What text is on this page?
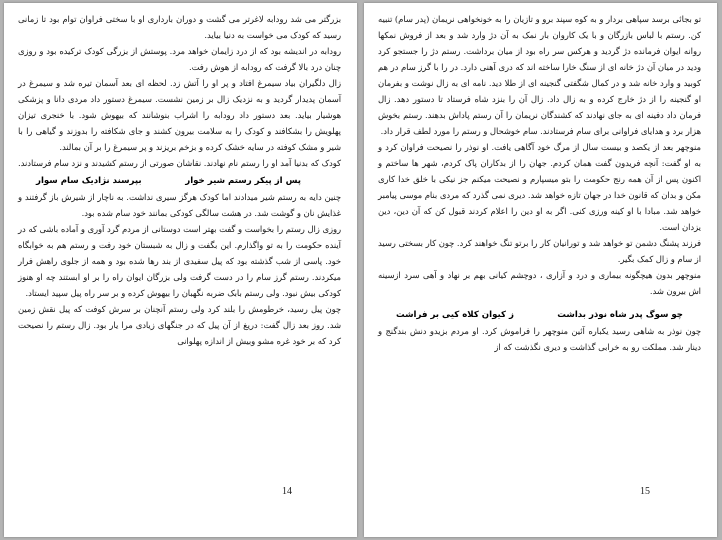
بزرگتر می شد رودابه لاغرتر می گشت و دوران بارداری او با سختی فراوان توام بود تا زمانی رسید که کودک می خواست به دنیا بیاید.

رودابه در اندیشه بود که از درد زایمان خواهد مرد. پوستش از بزرگی کودک ترکیده بود و روزی چنان درد بالا گرفت که رودابه از هوش رفت.

زال دلگیران بیاد سیمرغ افتاد و پر او را آتش زد. لحظه ای بعد آسمان تیره شد و سیمرغ در آسمان پدیدار گردید و به نزدیک زال بر زمین نشست. سیمرغ دستور داد مردی دانا و پزشکی هوشیار بیاید. بعد دستور داد رودابه را اشراب بنوشانند که بیهوش شود. با خنجری تیزان پهلویش را بشکافند و کودک را به سلامت بیرون کشند و جای شکافته را بدوزند و گیاهی را با شیر و مشک کوفته در سایه خشک کرده و بزخم بریزند و پر سیمرغ را بر آن بمالند.

کودک که بدنیا آمد او را رستم نام نهادند. نقاشان صورتی از رستم کشیدند و نزد سام فرستادند.

پس از پیکر رستم شیر خوار
بپرسند نژادیک سام سوار

چنین دایه به رستم شیر میدادند اما کودک هرگز سیری نداشت. به ناچار از شیرش باز گرفتند و غذایش نان و گوشت شد. در هشت سالگی کودکی بمانند خود سام شده بود.

روزی زال رستم را بخواست و گفت بهتر است دوستانی از مردم گرد آوری و آماده باشی که در آینده حکومت را به تو واگذارم. این بگفت و زال به شبستان خود رفت و رستم هم به خوابگاه خود. پاسی از شب گذشته بود که پیل سفیدی از بند رها شده بود و همه از جلوی راهش فرار میکردند. رستم گرز سام را در دست گرفت ولی بزرگان ایوان راه را بر او ابستند چه او هنوز کودکی بیش نبود. ولی رستم بابک ضربه نگهبان را بیهوش کرده و بر سر راه پیل سپید ایستاد.

چون پیل رسید، خرطومش را بلند کرد ولی رستم آنچنان بر سرش کوفت که پیل نقش زمین شد. روز بعد زال گفت: دریغ از آن پیل که در جنگهای زیادی مرا یار بود. زال رستم را نصیحت کرد که بر خود غره مشو وبیش از اندازه پهلوانی

14

تو بجائی برسد سپاهی بردار و به کوه سپند برو و تازیان را به خونخواهی نریمان (پدر سام) تنبیه کن. رستم با لباس بازرگان و با یک کاروان بار نمک به آن دژ وارد شد و بعد از فروش نمکها روانه ایوان فرمانده دژ گردید و هرکس سر راه بود از میان برداشت. رستم دژ را جستجو کرد ودید در میان آن دژ خانه ای از سنگ خارا ساخته اند که دری آهنی دارد. در را با گرز سام در هم کوبید و وارد خانه شد و در کمال شگفتی گنجینه ای از طلا دید. نامه ای به زال نوشت و بفرمان او گنجینه را از دژ خارج کرده و به زال داد. زال آن را بنزد شاه فرستاد تا دستور دهد. زال فرمان داد دفینه ای به جای نهادند که کشندگان نریمان را آن رستم پاداش بدهند. رستم بخوش هزار برد و هدایای فراوانی برای سام فرستادند. سام خوشحال و رستم را مورد لطف قرار داد.

منوچهر بعد از یکصد و بیست سال از مرگ خود آگاهی یافت. او نوذر را نصیحت فراوان کرد و به او گفت: آنچه فریدون گفت همان کردم. جهان را از بدکاران پاک کردم، شهر ها ساختم و اکنون پس از آن همه رنج حکومت را بتو میسپارم و نصیحت میکنم جز نیکی با خلق خدا کاری مکن و بدان که قانون خدا در جهان تازه خواهد شد. دیری نمی گذرد که مردی بنام موسی پیامبر خواهد شد. مبادا با او کینه ورزی کنی. اگر به او دین را اعلام کردند قبول کن که آن دین، دین یزدان است.

فرزند پشنگ دشمن تو خواهد شد و تورانیان کار را برتو تنگ خواهند کرد. چون کار بسختی رسید از سام و زال کمک بگیر.

منوچهر بدون هیچگونه بیماری و درد و آزاری ، دوچشم کیانی بهم بر نهاد و آهی سرد ازسینه اش بیرون شد.

چو سوگ پدر شاه نوذر بداشت
ز کیوان کلاه کیی بر فراشت

چون نوذر به شاهی رسید یکباره آئین منوچهر را فراموش کرد. او مردم بزیدو دنش بندگنج و دینار شد. مملکت رو به خرابی گذاشت و دیری نگذشت که از

15
